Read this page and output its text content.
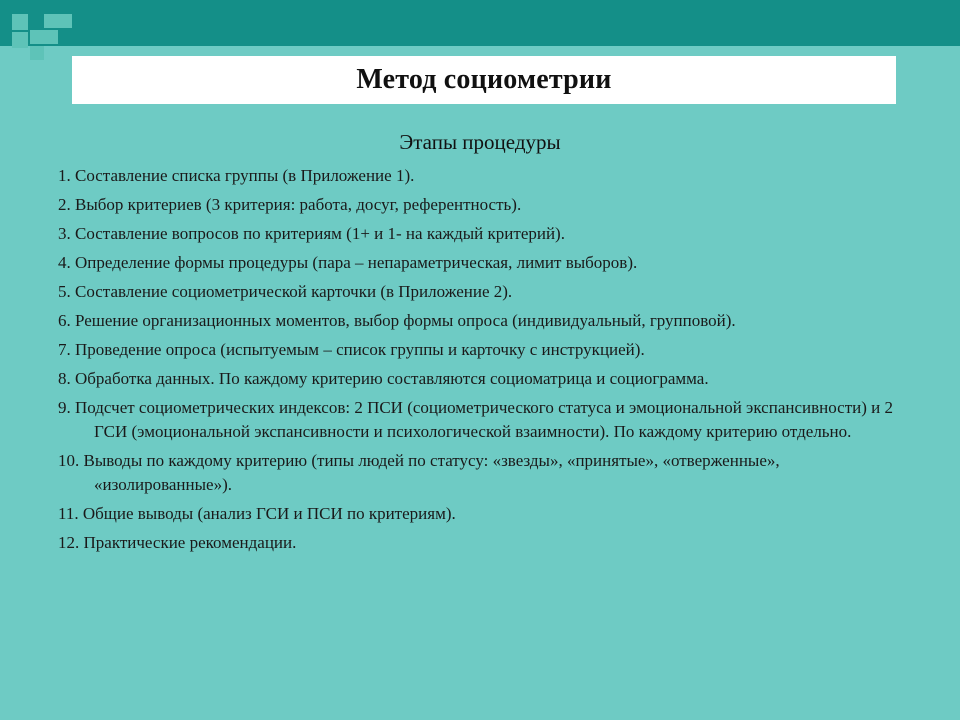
Метод социометрии
Этапы процедуры
1. Составление списка группы (в Приложение 1).
2. Выбор критериев (3 критерия: работа, досуг, референтность).
3. Составление вопросов по критериям (1+ и 1- на каждый критерий).
4. Определение формы процедуры (пара – непараметрическая, лимит выборов).
5. Составление социометрической карточки (в Приложение 2).
6. Решение организационных моментов, выбор формы опроса (индивидуальный, групповой).
7. Проведение опроса (испытуемым – список группы и карточку с инструкцией).
8. Обработка данных. По каждому критерию составляются социоматрица и социограмма.
9. Подсчет социометрических индексов: 2 ПСИ (социометрического статуса и эмоциональной экспансивности) и 2 ГСИ (эмоциональной экспансивности и психологической взаимности). По каждому критерию отдельно.
10. Выводы по каждому критерию (типы людей по статусу: «звезды», «принятые», «отверженные», «изолированные»).
11. Общие выводы (анализ ГСИ и ПСИ по критериям).
12. Практические рекомендации.
